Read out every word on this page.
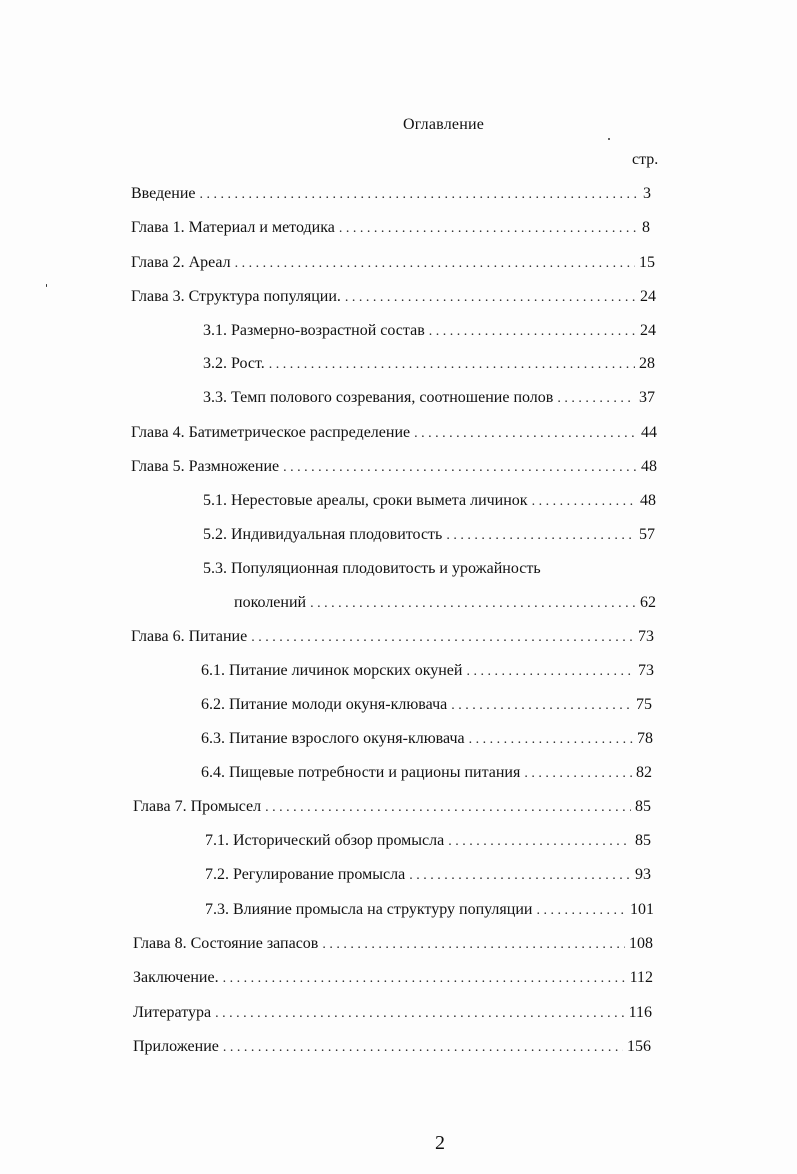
Оглавление
стр.
Введение . . .	3
Глава 1. Материал и методика . . .	8
Глава 2. Ареал . . .	15
Глава 3. Структура популяции. . . .	24
3.1. Размерно-возрастной состав . . .	24
3.2. Рост. . . .	28
3.3. Темп полового созревания, соотношение полов . . .	37
Глава 4. Батиметрическое распределение . . .	44
Глава 5. Размножение . . .	48
5.1. Нерестовые ареалы, сроки вымета личинок . . .	48
5.2. Индивидуальная плодовитость . . .	57
5.3. Популяционная плодовитость и урожайность
поколений . . .	62
Глава 6. Питание . . .	73
6.1. Питание личинок морских окуней . . .	73
6.2. Питание молоди окуня-клювача . . .	75
6.3. Питание взрослого окуня-клювача . . .	78
6.4. Пищевые потребности и рационы питания . . .	82
Глава 7. Промысел . . .	85
7.1. Исторический обзор промысла . . .	85
7.2. Регулирование промысла . . .	93
7.3. Влияние промысла на структуру популяции . . .	101
Глава 8. Состояние запасов . . .	108
Заключение. . . .	112
Литература . . .	116
Приложение . . .	156
2
